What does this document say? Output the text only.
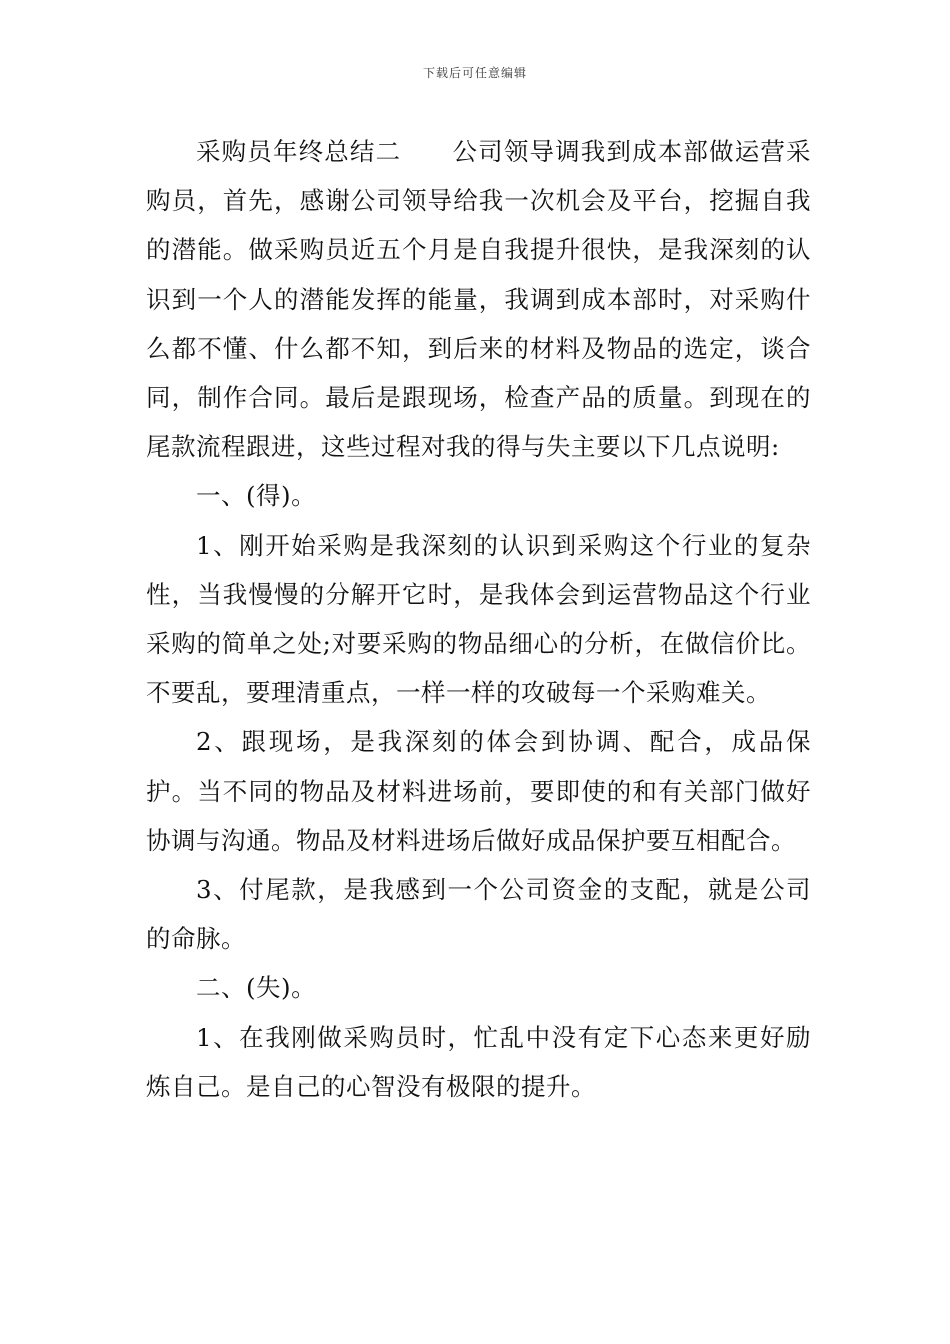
下载后可任意编辑

采购员年终总结二　　公司领导调我到成本部做运营采购员，首先，感谢公司领导给我一次机会及平台，挖掘自我的潜能。做采购员近五个月是自我提升很快，是我深刻的认识到一个人的潜能发挥的能量，我调到成本部时，对采购什么都不懂、什么都不知，到后来的材料及物品的选定，谈合同，制作合同。最后是跟现场，检查产品的质量。到现在的尾款流程跟进，这些过程对我的得与失主要以下几点说明:

一、(得)。

1、刚开始采购是我深刻的认识到采购这个行业的复杂性，当我慢慢的分解开它时，是我体会到运营物品这个行业采购的简单之处;对要采购的物品细心的分析，在做信价比。不要乱，要理清重点，一样一样的攻破每一个采购难关。

2、跟现场，是我深刻的体会到协调、配合，成品保护。当不同的物品及材料进场前，要即使的和有关部门做好协调与沟通。物品及材料进场后做好成品保护要互相配合。

3、付尾款，是我感到一个公司资金的支配，就是公司的命脉。

二、(失)。

1、在我刚做采购员时，忙乱中没有定下心态来更好励炼自己。是自己的心智没有极限的提升。
